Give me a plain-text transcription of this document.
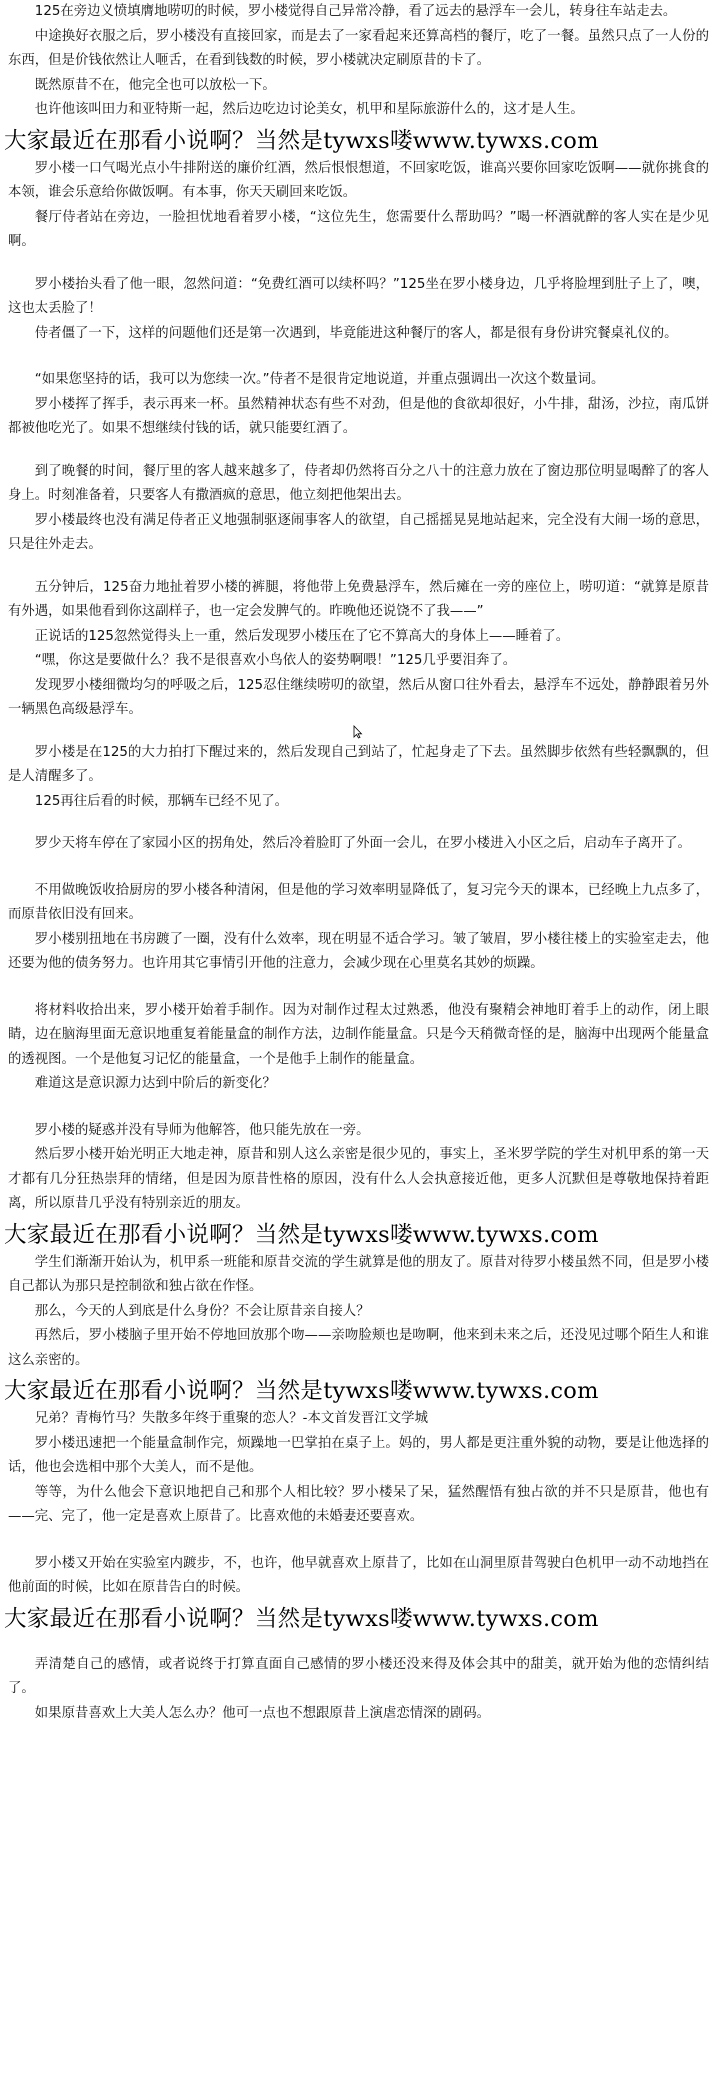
125在旁边义愤填膺地唠叨的时候，罗小楼觉得自己异常冷静，看了远去的悬浮车一会儿，转身往车站走去。

中途换好衣服之后，罗小楼没有直接回家，而是去了一家看起来还算高档的餐厅，吃了一餐。虽然只点了一人份的东西，但是价钱依然让人咂舌，在看到钱数的时候，罗小楼就决定刷原昔的卡了。

既然原昔不在，他完全也可以放松一下。

也许他该叫田力和亚特斯一起，然后边吃边讨论美女，机甲和星际旅游什么的，这才是人生。

大家最近在那看小说啊？当然是tywxs喽www.tywxs.com

罗小楼一口气喝光点小牛排附送的廉价红酒，然后恨恨想道，不回家吃饭，谁高兴要你回家吃饭啊——就你挑食的本领，谁会乐意给你做饭啊。有本事，你天天刷回来吃饭。

餐厅侍者站在旁边，一脸担忧地看着罗小楼，“这位先生，您需要什么帮助吗？”喝一杯酒就醉的客人实在是少见啊。

罗小楼抬头看了他一眼，忽然问道：“免费红酒可以续杯吗？”125坐在罗小楼身边，几乎将脸埋到肚子上了，噢，这也太丢脸了！

侍者僵了一下，这样的问题他们还是第一次遇到，毕竟能进这种餐厅的客人，都是很有身份讲究餐桌礼仪的。

“如果您坚持的话，我可以为您续一次。”侍者不是很肯定地说道，并重点强调出一次这个数量词。

罗小楼挥了挥手，表示再来一杯。虽然精神状态有些不对劲，但是他的食欲却很好，小牛排，甜汤，沙拉，南瓜饼都被他吃光了。如果不想继续付钱的话，就只能要红酒了。

到了晚餐的时间，餐厅里的客人越来越多了，侍者却仍然将百分之八十的注意力放在了窗边那位明显喝醉了的客人身上。时刻准备着，只要客人有撒酒疯的意思，他立刻把他架出去。

罗小楼最终也没有满足侍者正义地强制驱逐闹事客人的欲望，自己摇摇晃晃地站起来，完全没有大闹一场的意思，只是往外走去。

五分钟后，125奋力地扯着罗小楼的裤腿，将他带上免费悬浮车，然后瘫在一旁的座位上，唠叨道：“就算是原昔有外遇，如果他看到你这副样子，也一定会发脾气的。昨晚他还说饶不了我——”

正说话的125忽然觉得头上一重，然后发现罗小楼压在了它不算高大的身体上——睡着了。

“嘿，你这是要做什么？我不是很喜欢小鸟依人的姿势啊喂！”125几乎要泪奔了。

发现罗小楼细微均匀的呼吸之后，125忍住继续唠叨的欲望，然后从窗口往外看去，悬浮车不远处，静静跟着另外一辆黑色高级悬浮车。

罗小楼是在125的大力拍打下醒过来的，然后发现自己到站了，忙起身走了下去。虽然脚步依然有些轻飘飘的，但是人清醒多了。

125再往后看的时候，那辆车已经不见了。

罗少天将车停在了家园小区的拐角处，然后冷着脸盯了外面一会儿，在罗小楼进入小区之后，启动车子离开了。

不用做晚饭收拾厨房的罗小楼各种清闲，但是他的学习效率明显降低了，复习完今天的课本，已经晚上九点多了，而原昔依旧没有回来。

罗小楼别扭地在书房踱了一圈，没有什么效率，现在明显不适合学习。皱了皱眉，罗小楼往楼上的实验室走去，他还要为他的债务努力。也许用其它事情引开他的注意力，会减少现在心里莫名其妙的烦躁。

将材料收拾出来，罗小楼开始着手制作。因为对制作过程太过熟悉，他没有聚精会神地盯着手上的动作，闭上眼睛，边在脑海里面无意识地重复着能量盒的制作方法，边制作能量盒。只是今天稍微奇怪的是，脑海中出现两个能量盒的透视图。一个是他复习记忆的能量盒，一个是他手上制作的能量盒。

难道这是意识源力达到中阶后的新变化？

罗小楼的疑惑并没有导师为他解答，他只能先放在一旁。

然后罗小楼开始光明正大地走神，原昔和别人这么亲密是很少见的，事实上，圣米罗学院的学生对机甲系的第一天才都有几分狂热崇拜的情绪，但是因为原昔性格的原因，没有什么人会执意接近他，更多人沉默但是尊敬地保持着距离，所以原昔几乎没有特别亲近的朋友。

大家最近在那看小说啊？当然是tywxs喽www.tywxs.com

学生们渐渐开始认为，机甲系一班能和原昔交流的学生就算是他的朋友了。原昔对待罗小楼虽然不同，但是罗小楼自己都认为那只是控制欲和独占欲在作怪。

那么，今天的人到底是什么身份？不会让原昔亲自接人？

再然后，罗小楼脑子里开始不停地回放那个吻——亲吻脸颊也是吻啊，他来到未来之后，还没见过哪个陌生人和谁这么亲密的。

大家最近在那看小说啊？当然是tywxs喽www.tywxs.com

兄弟？青梅竹马？失散多年终于重聚的恋人？-本文首发晋江文学城

罗小楼迅速把一个能量盒制作完，烦躁地一巴掌拍在桌子上。妈的，男人都是更注重外貌的动物，要是让他选择的话，他也会选相中那个大美人，而不是他。

等等，为什么他会下意识地把自己和那个人相比较？罗小楼呆了呆，猛然醒悟有独占欲的并不只是原昔，他也有——完、完了，他一定是喜欢上原昔了。比喜欢他的未婚妻还要喜欢。

罗小楼又开始在实验室内踱步，不，也许，他早就喜欢上原昔了，比如在山洞里原昔驾驶白色机甲一动不动地挡在他前面的时候，比如在原昔告白的时候。

大家最近在那看小说啊？当然是tywxs喽www.tywxs.com

弄清楚自己的感情，或者说终于打算直面自己感情的罗小楼还没来得及体会其中的甜美，就开始为他的恋情纠结了。

如果原昔喜欢上大美人怎么办？他可一点也不想跟原昔上演虐恋情深的剧码。
